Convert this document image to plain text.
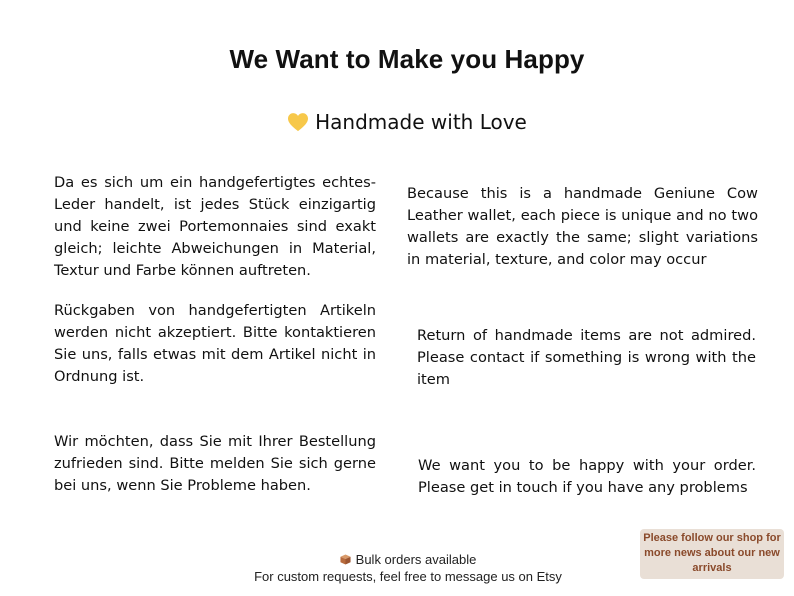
We Want to Make you Happy
Handmade with Love

Da es sich um ein handgefertigtes echtes-Leder handelt, ist jedes Stück einzigartig und keine zwei Portemonnaies sind exakt gleich; leichte Abweichungen in Material, Textur und Farbe können auftreten.

Rückgaben von handgefertigten Artikeln werden nicht akzeptiert. Bitte kontaktieren Sie uns, falls etwas mit dem Artikel nicht in Ordnung ist.

Wir möchten, dass Sie mit Ihrer Bestellung zufrieden sind. Bitte melden Sie sich gerne bei uns, wenn Sie Probleme haben.

Because this is a handmade Geniune Cow Leather wallet, each piece is unique and no two wallets are exactly the same; slight variations in material, texture, and color may occur

Return of handmade items are not admired. Please contact if something is wrong with the item

We want you to be happy with your order. Please get in touch if you have any problems

Bulk orders available
For custom requests, feel free to message us on Etsy
Please follow our shop for more news about our new arrivals
